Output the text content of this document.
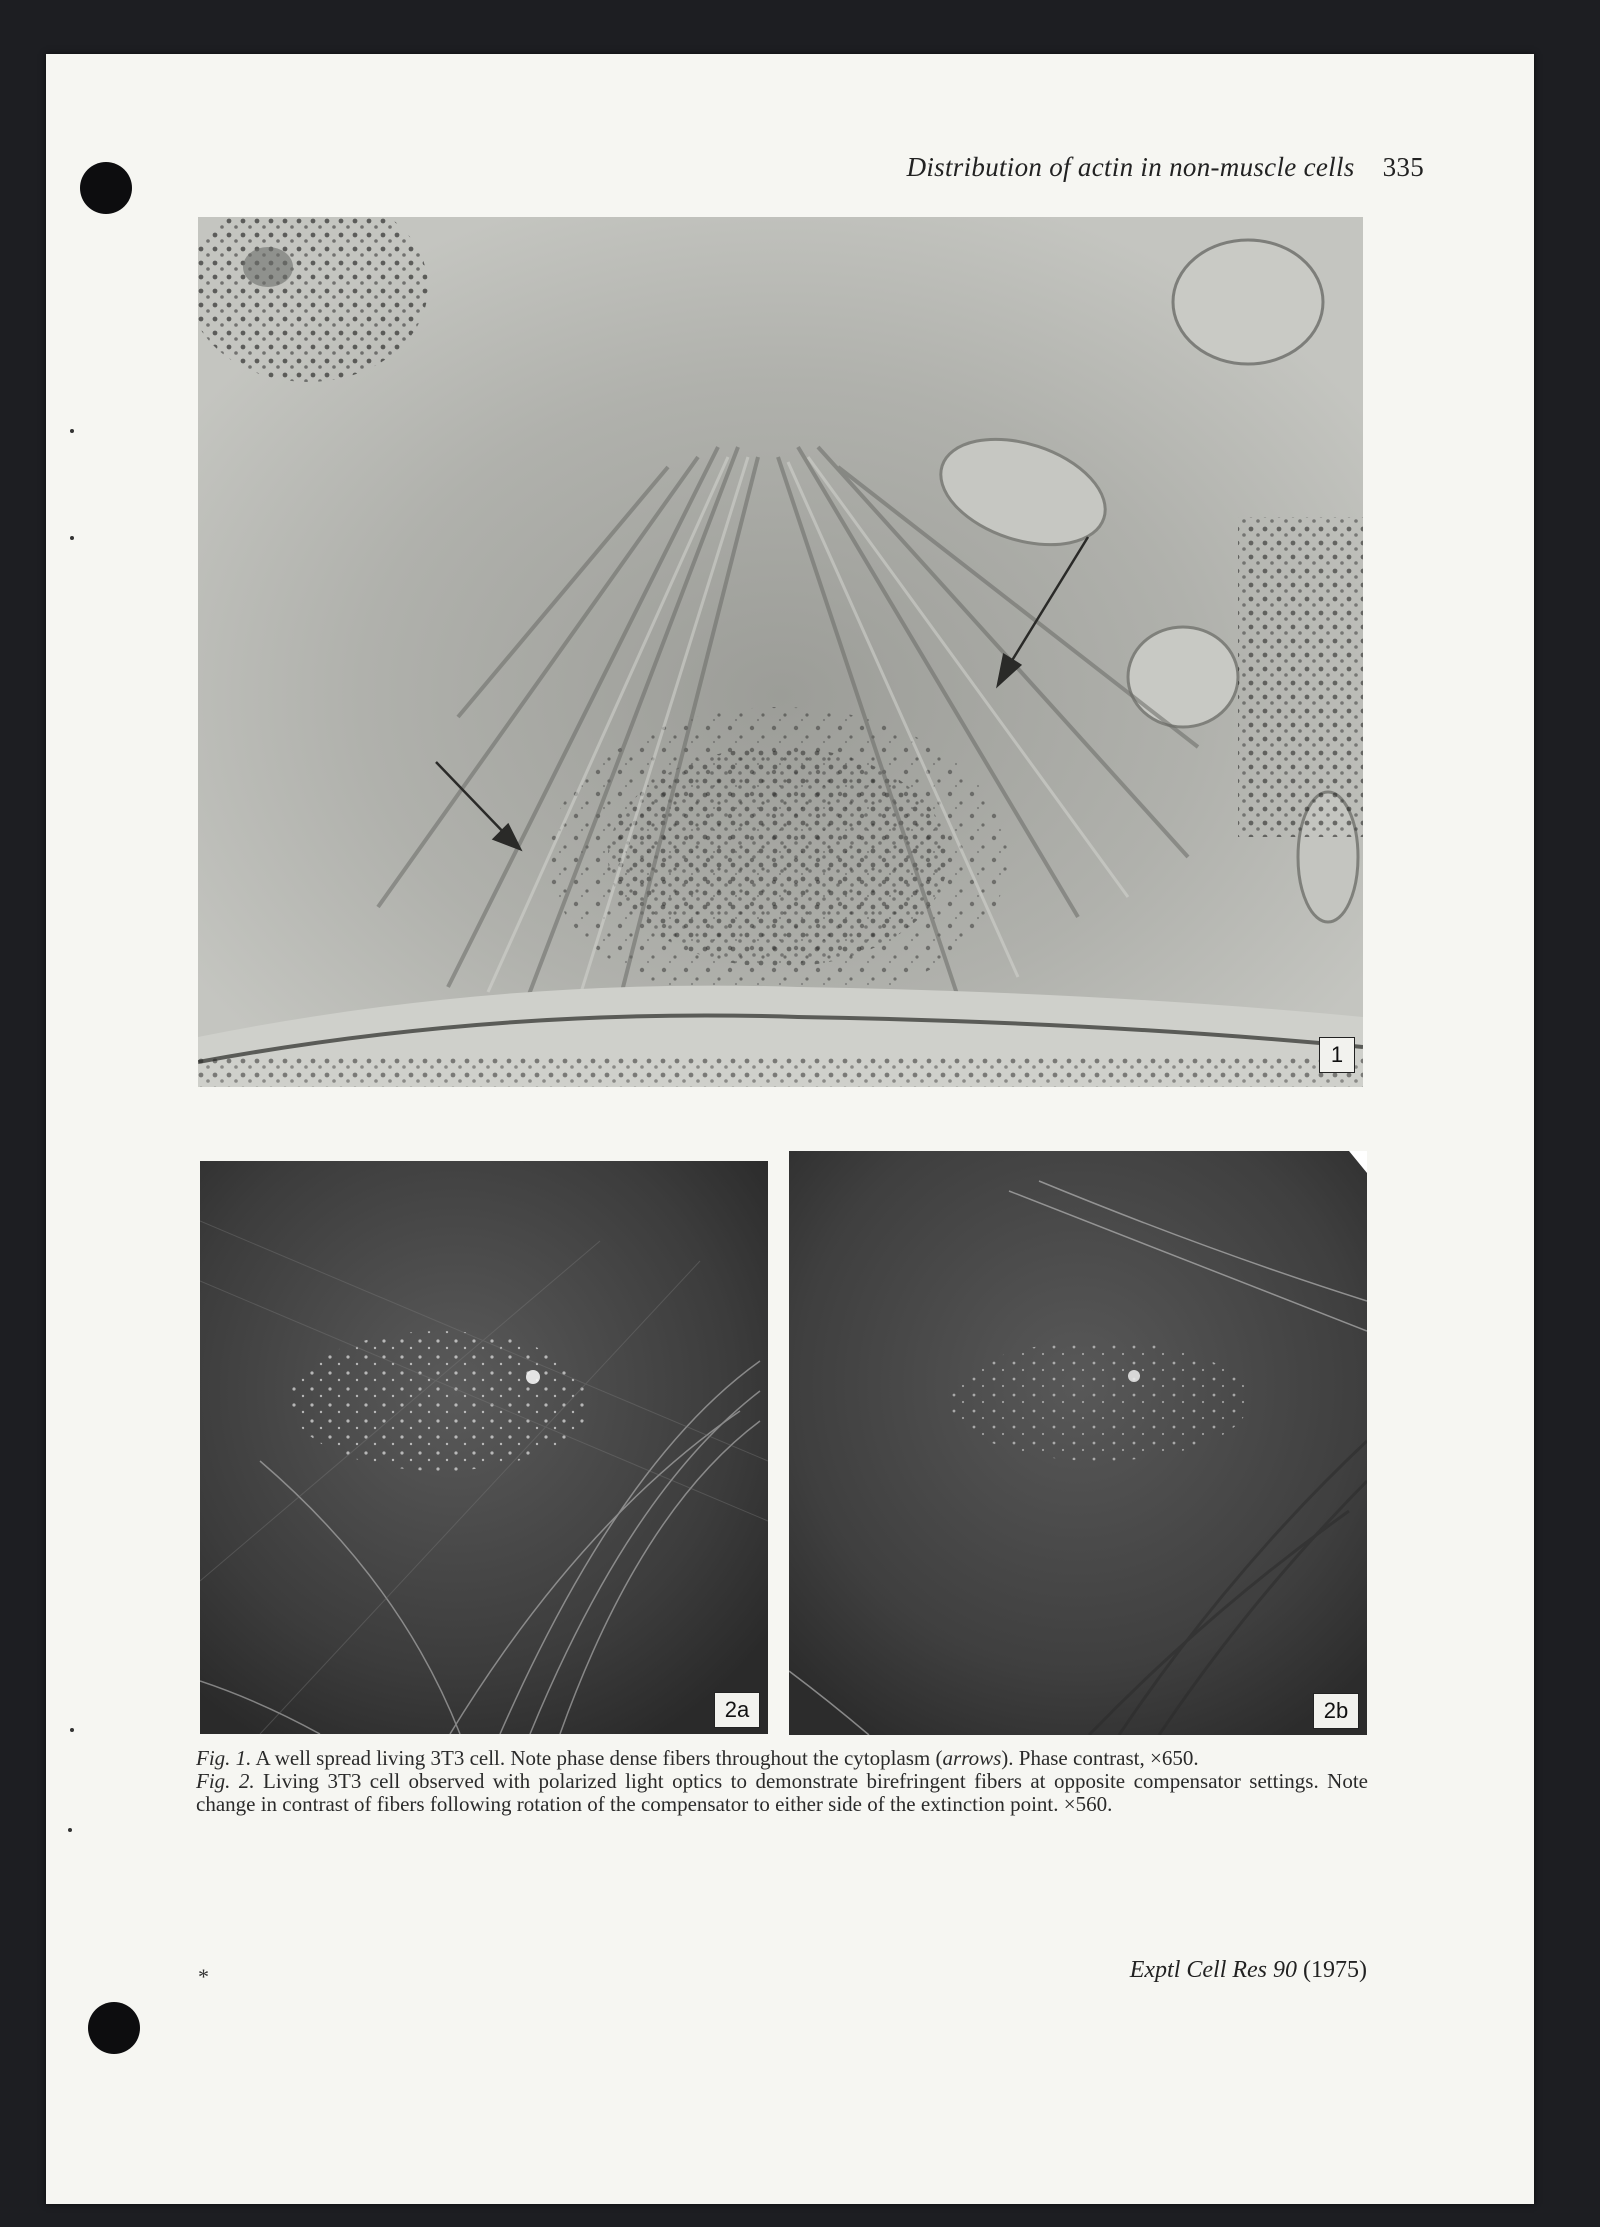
Distribution of actin in non-muscle cells 335
1
2a	2b

Fig. 1. A well spread living 3T3 cell. Note phase dense fibers throughout the cytoplasm (arrows). Phase contrast, ×650.

Fig. 2. Living 3T3 cell observed with polarized light optics to demonstrate birefringent fibers at opposite compensator settings. Note change in contrast of fibers following rotation of the compensator to either side of the extinction point. ×560.

*	Exptl Cell Res 90 (1975)
